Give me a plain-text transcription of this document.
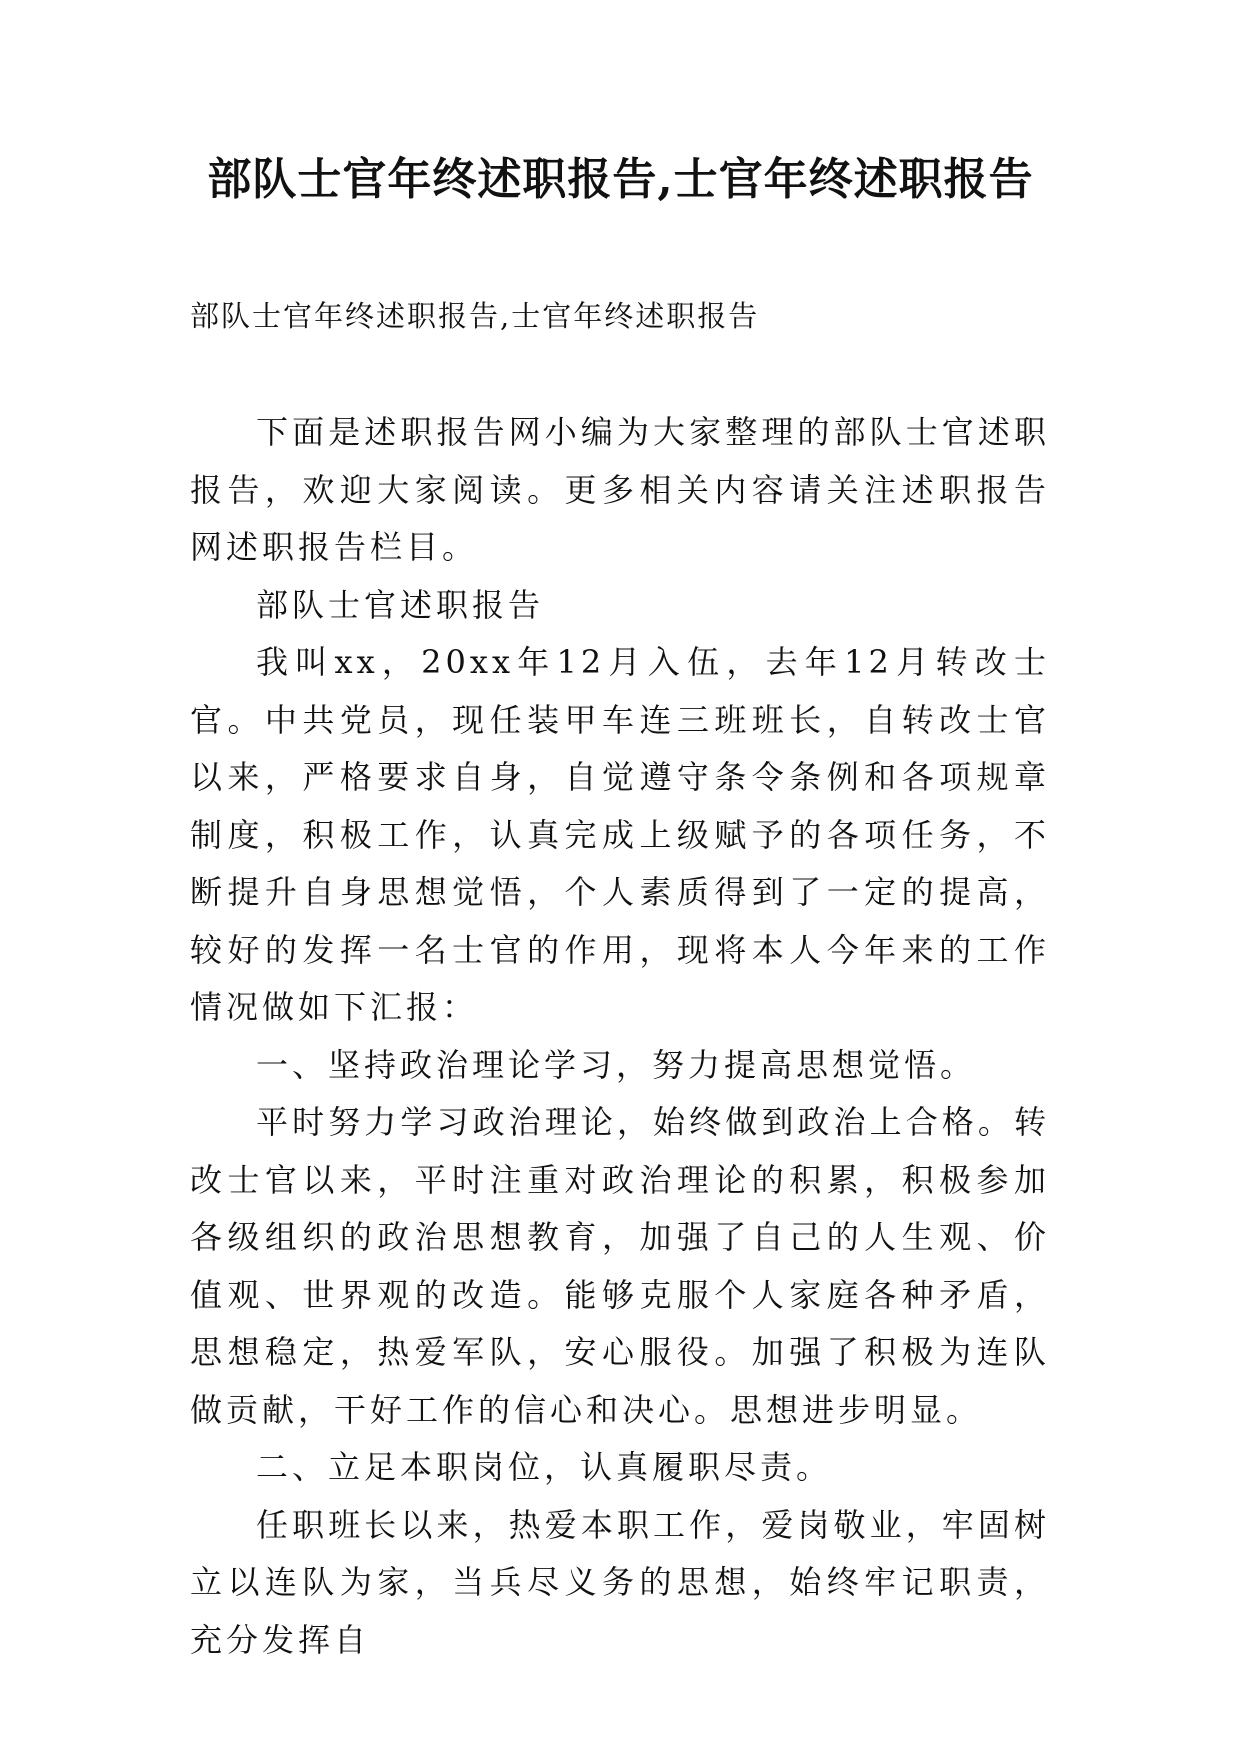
部队士官年终述职报告,士官年终述职报告
部队士官年终述职报告,士官年终述职报告

下面是述职报告网小编为大家整理的部队士官述职报告，欢迎大家阅读。更多相关内容请关注述职报告网述职报告栏目。

部队士官述职报告

我叫xx，20xx年12月入伍，去年12月转改士官。中共党员，现任装甲车连三班班长，自转改士官以来，严格要求自身，自觉遵守条令条例和各项规章制度，积极工作，认真完成上级赋予的各项任务，不断提升自身思想觉悟，个人素质得到了一定的提高，较好的发挥一名士官的作用，现将本人今年来的工作情况做如下汇报：

一、坚持政治理论学习，努力提高思想觉悟。

平时努力学习政治理论，始终做到政治上合格。转改士官以来，平时注重对政治理论的积累，积极参加各级组织的政治思想教育，加强了自己的人生观、价值观、世界观的改造。能够克服个人家庭各种矛盾，思想稳定，热爱军队，安心服役。加强了积极为连队做贡献，干好工作的信心和决心。思想进步明显。

二、立足本职岗位，认真履职尽责。

任职班长以来，热爱本职工作，爱岗敬业，牢固树立以连队为家，当兵尽义务的思想，始终牢记职责，充分发挥自
